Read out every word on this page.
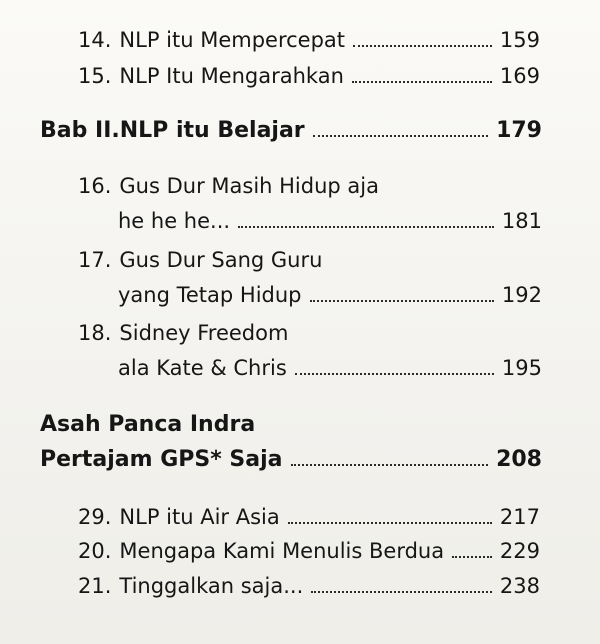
14. NLP itu Mempercepat	159
15. NLP Itu Mengarahkan	169
Bab II.NLP itu Belajar	179
16. Gus Dur Masih Hidup aja
he he he...	181
17. Gus Dur Sang Guru
yang Tetap Hidup	192
18. Sidney Freedom
ala Kate & Chris	195
Asah Panca Indra
Pertajam GPS* Saja	208
29. NLP itu Air Asia	217
20. Mengapa Kami Menulis Berdua	229
21. Tinggalkan saja...	238
